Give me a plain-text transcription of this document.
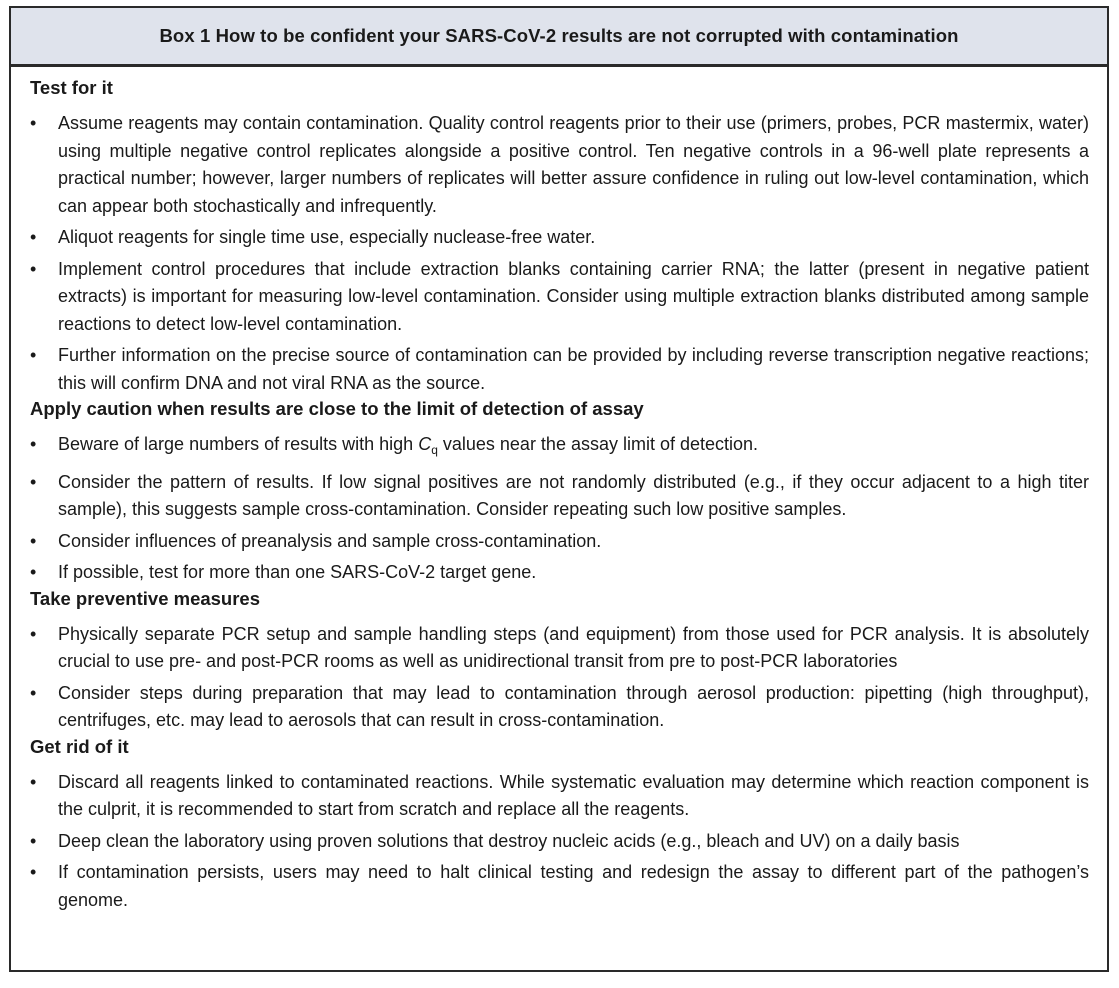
Box 1 How to be confident your SARS-CoV-2 results are not corrupted with contamination
Test for it
• Assume reagents may contain contamination. Quality control reagents prior to their use (primers, probes, PCR mastermix, water) using multiple negative control replicates alongside a positive control. Ten negative controls in a 96-well plate represents a practical number; however, larger numbers of replicates will better assure confidence in ruling out low-level contamination, which can appear both stochastically and infrequently.
• Aliquot reagents for single time use, especially nuclease-free water.
• Implement control procedures that include extraction blanks containing carrier RNA; the latter (present in negative patient extracts) is important for measuring low-level contamination. Consider using multiple extraction blanks distributed among sample reactions to detect low-level contamination.
• Further information on the precise source of contamination can be provided by including reverse transcription negative reactions; this will confirm DNA and not viral RNA as the source.
Apply caution when results are close to the limit of detection of assay
• Beware of large numbers of results with high $C_q$ values near the assay limit of detection.
• Consider the pattern of results. If low signal positives are not randomly distributed (e.g., if they occur adjacent to a high titer sample), this suggests sample cross-contamination. Consider repeating such low positive samples.
• Consider influences of preanalysis and sample cross-contamination.
• If possible, test for more than one SARS-CoV-2 target gene.
Take preventive measures
• Physically separate PCR setup and sample handling steps (and equipment) from those used for PCR analysis. It is absolutely crucial to use pre- and post-PCR rooms as well as unidirectional transit from pre to post-PCR laboratories
• Consider steps during preparation that may lead to contamination through aerosol production: pipetting (high throughput), centrifuges, etc. may lead to aerosols that can result in cross-contamination.
Get rid of it
• Discard all reagents linked to contaminated reactions. While systematic evaluation may determine which reaction component is the culprit, it is recommended to start from scratch and replace all the reagents.
• Deep clean the laboratory using proven solutions that destroy nucleic acids (e.g., bleach and UV) on a daily basis
• If contamination persists, users may need to halt clinical testing and redesign the assay to different part of the pathogen’s genome.
